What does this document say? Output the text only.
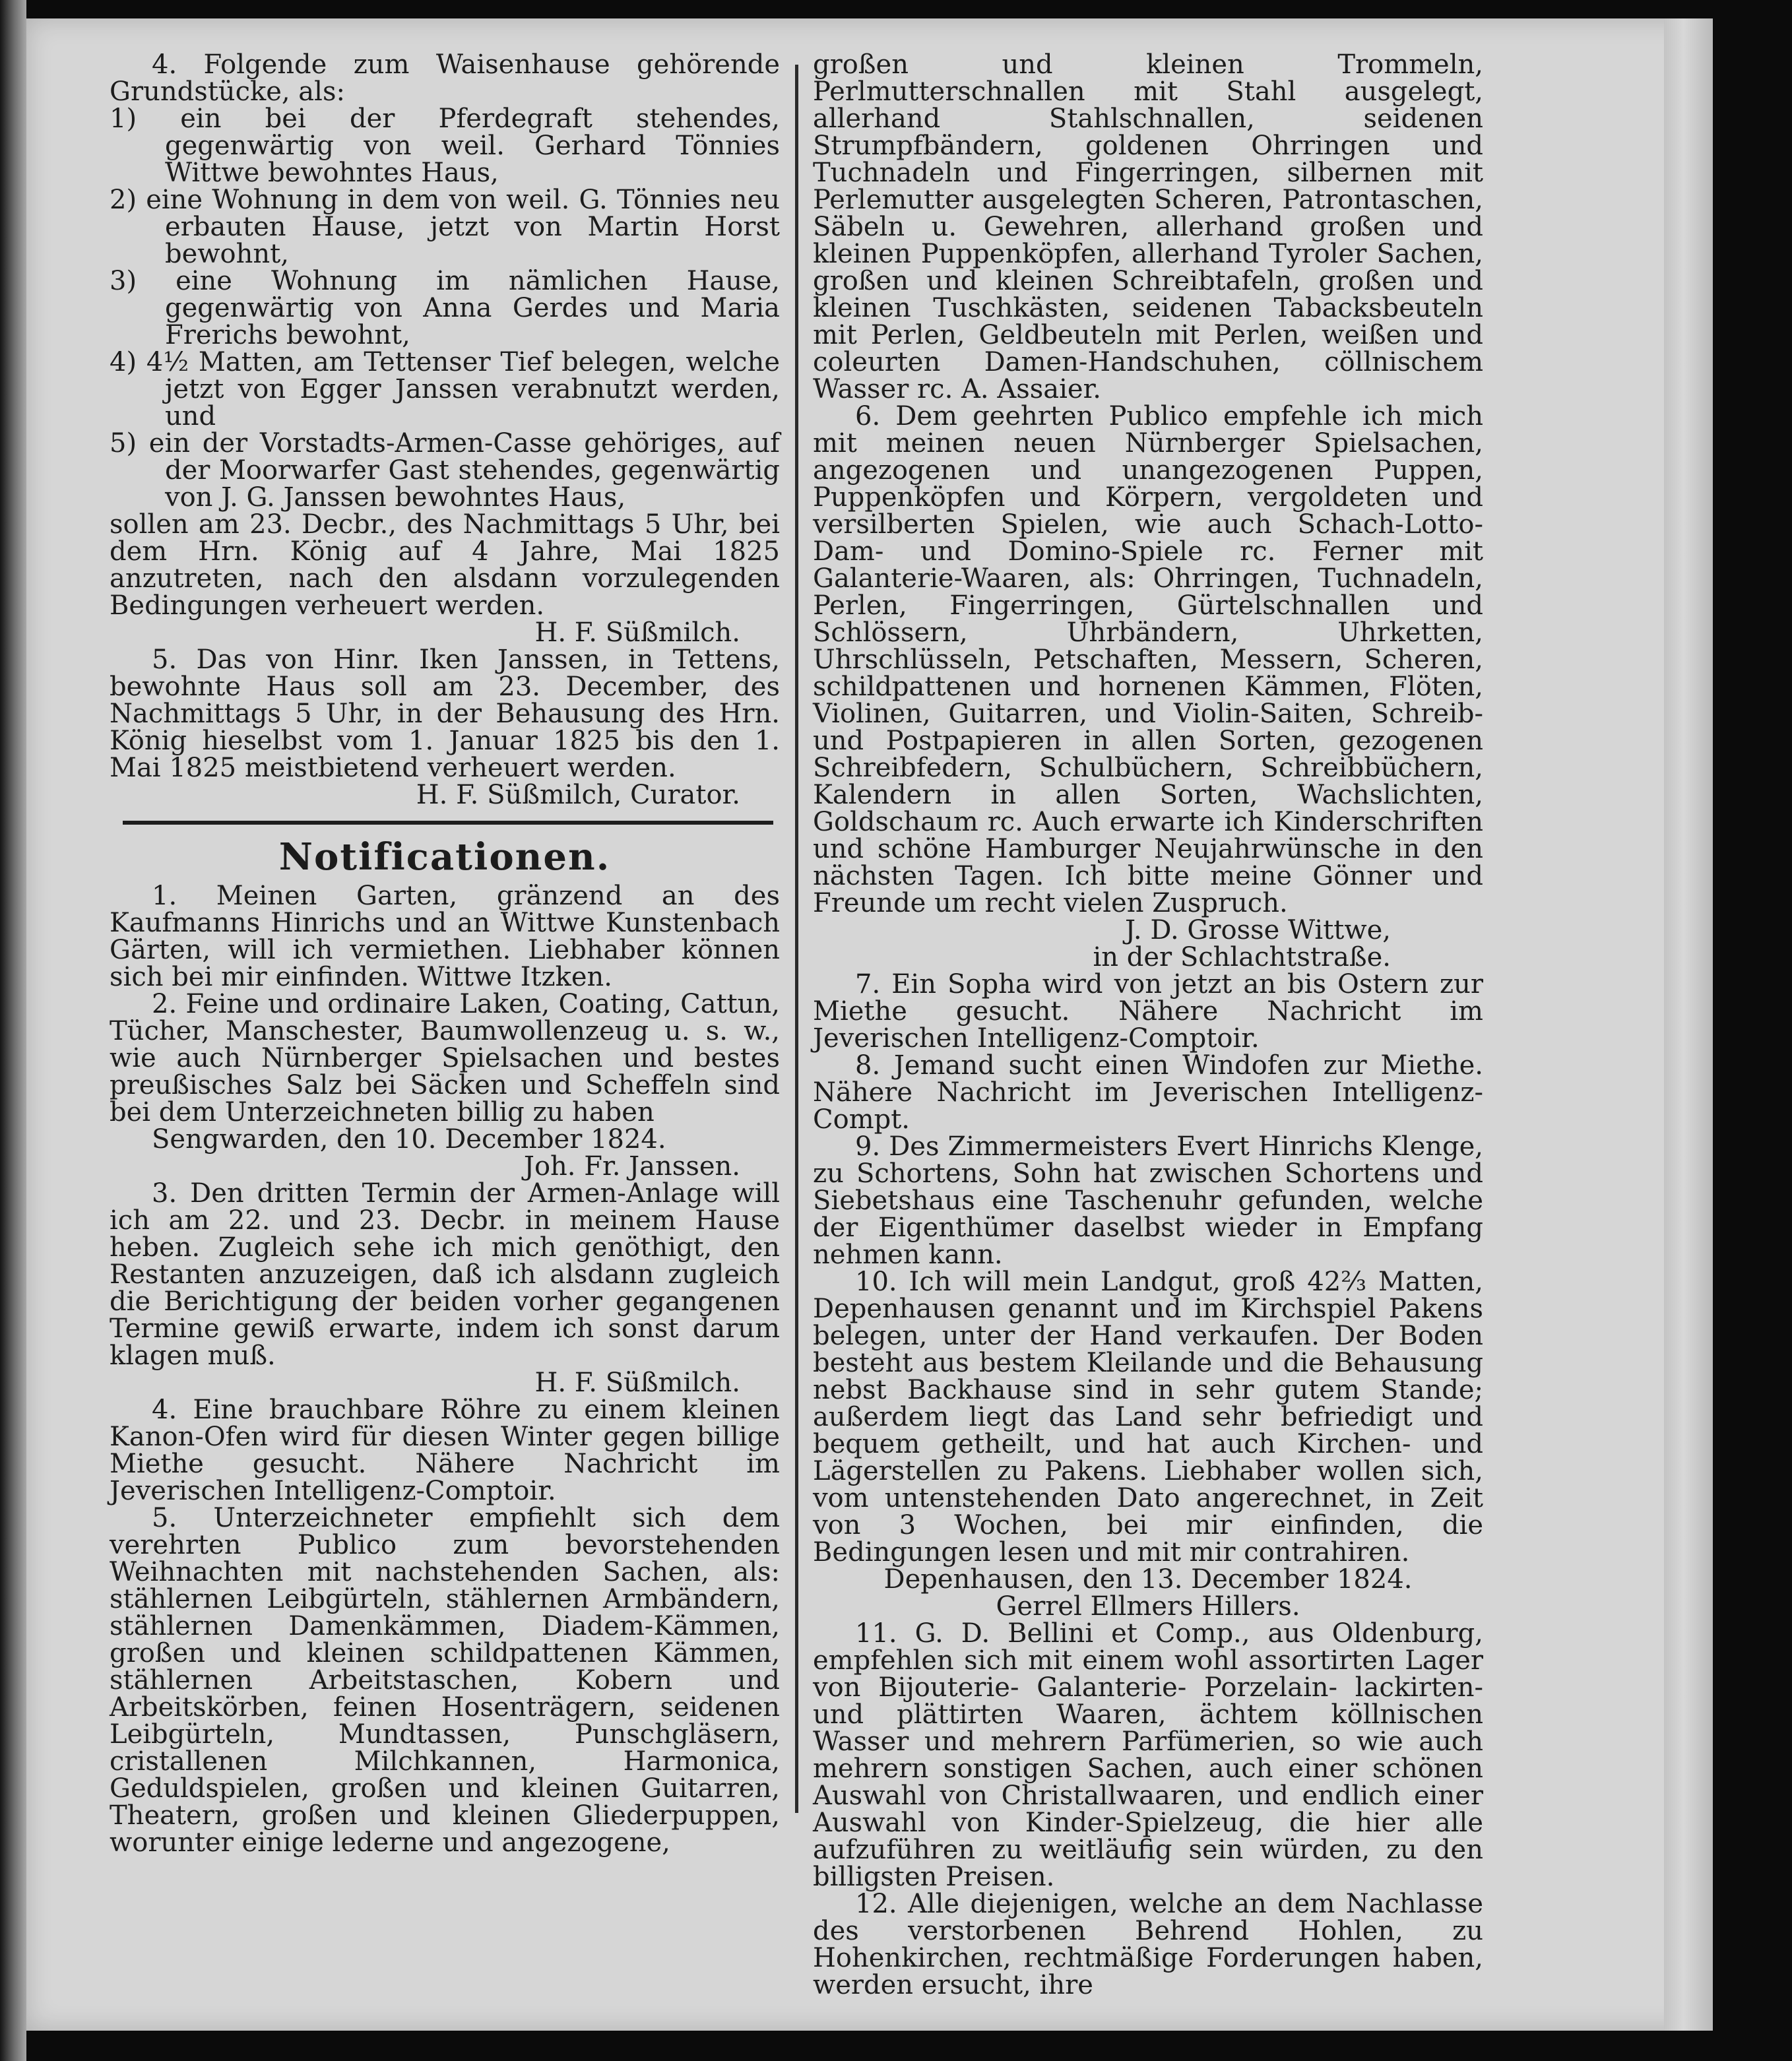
4. Folgende zum Waisenhause gehörende Grundstücke, als:

1) ein bei der Pferdegraft stehendes, gegenwärtig von weil. Gerhard Tönnies Wittwe bewohntes Haus,

2) eine Wohnung in dem von weil. G. Tönnies neu erbauten Hause, jetzt von Martin Horst bewohnt,

3) eine Wohnung im nämlichen Hause, gegenwärtig von Anna Gerdes und Maria Frerichs bewohnt,

4) 4½ Matten, am Tettenser Tief belegen, welche jetzt von Egger Janssen verabnutzt werden, und

5) ein der Vorstadts-Armen-Casse gehöriges, auf der Moorwarfer Gast stehendes, gegenwärtig von J. G. Janssen bewohntes Haus,

sollen am 23. Decbr., des Nachmittags 5 Uhr, bei dem Hrn. König auf 4 Jahre, Mai 1825 anzutreten, nach den alsdann vorzulegenden Bedingungen verheuert werden.

H. F. Süßmilch.

5. Das von Hinr. Iken Janssen, in Tettens, bewohnte Haus soll am 23. December, des Nachmittags 5 Uhr, in der Behausung des Hrn. König hieselbst vom 1. Januar 1825 bis den 1. Mai 1825 meistbietend verheuert werden.

H. F. Süßmilch, Curator.

Notificationen.

1. Meinen Garten, gränzend an des Kaufmanns Hinrichs und an Wittwe Kunstenbach Gärten, will ich vermiethen. Liebhaber können sich bei mir einfinden. Wittwe Itzken.

2. Feine und ordinaire Laken, Coating, Cattun, Tücher, Manschester, Baumwollenzeug u. s. w., wie auch Nürnberger Spielsachen und bestes preußisches Salz bei Säcken und Scheffeln sind bei dem Unterzeichneten billig zu haben

Sengwarden, den 10. December 1824.

Joh. Fr. Janssen.

3. Den dritten Termin der Armen-Anlage will ich am 22. und 23. Decbr. in meinem Hause heben. Zugleich sehe ich mich genöthigt, den Restanten anzuzeigen, daß ich alsdann zugleich die Berichtigung der beiden vorher gegangenen Termine gewiß erwarte, indem ich sonst darum klagen muß.

H. F. Süßmilch.

4. Eine brauchbare Röhre zu einem kleinen Kanon-Ofen wird für diesen Winter gegen billige Miethe gesucht. Nähere Nachricht im Jeverischen Intelligenz-Comptoir.

5. Unterzeichneter empfiehlt sich dem verehrten Publico zum bevorstehenden Weihnachten mit nachstehenden Sachen, als: stählernen Leibgürteln, stählernen Armbändern, stählernen Damenkämmen, Diadem-Kämmen, großen und kleinen schildpattenen Kämmen, stählernen Arbeitstaschen, Kobern und Arbeitskörben, feinen Hosenträgern, seidenen Leibgürteln, Mundtassen, Punschgläsern, cristallenen Milchkannen, Harmonica, Geduldspielen, großen und kleinen Guitarren, Theatern, großen und kleinen Gliederpuppen, worunter einige lederne und angezogene,

großen und kleinen Trommeln, Perlmutterschnallen mit Stahl ausgelegt, allerhand Stahlschnallen, seidenen Strumpfbändern, goldenen Ohrringen und Tuchnadeln und Fingerringen, silbernen mit Perlemutter ausgelegten Scheren, Patrontaschen, Säbeln u. Gewehren, allerhand großen und kleinen Puppenköpfen, allerhand Tyroler Sachen, großen und kleinen Schreibtafeln, großen und kleinen Tuschkästen, seidenen Tabacksbeuteln mit Perlen, Geldbeuteln mit Perlen, weißen und coleurten Damen-Handschuhen, cöllnischem Wasser rc. A. Assaier.

6. Dem geehrten Publico empfehle ich mich mit meinen neuen Nürnberger Spielsachen, angezogenen und unangezogenen Puppen, Puppenköpfen und Körpern, vergoldeten und versilberten Spielen, wie auch Schach-Lotto-Dam- und Domino-Spiele rc. Ferner mit Galanterie-Waaren, als: Ohrringen, Tuchnadeln, Perlen, Fingerringen, Gürtelschnallen und Schlössern, Uhrbändern, Uhrketten, Uhrschlüsseln, Petschaften, Messern, Scheren, schildpattenen und hornenen Kämmen, Flöten, Violinen, Guitarren, und Violin-Saiten, Schreib- und Postpapieren in allen Sorten, gezogenen Schreibfedern, Schulbüchern, Schreibbüchern, Kalendern in allen Sorten, Wachslichten, Goldschaum rc. Auch erwarte ich Kinderschriften und schöne Hamburger Neujahrwünsche in den nächsten Tagen. Ich bitte meine Gönner und Freunde um recht vielen Zuspruch.

J. D. Grosse Wittwe,

in der Schlachtstraße.

7. Ein Sopha wird von jetzt an bis Ostern zur Miethe gesucht. Nähere Nachricht im Jeverischen Intelligenz-Comptoir.

8. Jemand sucht einen Windofen zur Miethe. Nähere Nachricht im Jeverischen Intelligenz-Compt.

9. Des Zimmermeisters Evert Hinrichs Klenge, zu Schortens, Sohn hat zwischen Schortens und Siebetshaus eine Taschenuhr gefunden, welche der Eigenthümer daselbst wieder in Empfang nehmen kann.

10. Ich will mein Landgut, groß 42⅔ Matten, Depenhausen genannt und im Kirchspiel Pakens belegen, unter der Hand verkaufen. Der Boden besteht aus bestem Kleilande und die Behausung nebst Backhause sind in sehr gutem Stande; außerdem liegt das Land sehr befriedigt und bequem getheilt, und hat auch Kirchen- und Lägerstellen zu Pakens. Liebhaber wollen sich, vom untenstehenden Dato angerechnet, in Zeit von 3 Wochen, bei mir einfinden, die Bedingungen lesen und mit mir contrahiren.

Depenhausen, den 13. December 1824.

Gerrel Ellmers Hillers.

11. G. D. Bellini et Comp., aus Oldenburg, empfehlen sich mit einem wohl assortirten Lager von Bijouterie- Galanterie- Porzelain- lackirten- und plättirten Waaren, ächtem köllnischen Wasser und mehrern Parfümerien, so wie auch mehrern sonstigen Sachen, auch einer schönen Auswahl von Christallwaaren, und endlich einer Auswahl von Kinder-Spielzeug, die hier alle aufzuführen zu weitläufig sein würden, zu den billigsten Preisen.

12. Alle diejenigen, welche an dem Nachlasse des verstorbenen Behrend Hohlen, zu Hohenkirchen, rechtmäßige Forderungen haben, werden ersucht, ihre
